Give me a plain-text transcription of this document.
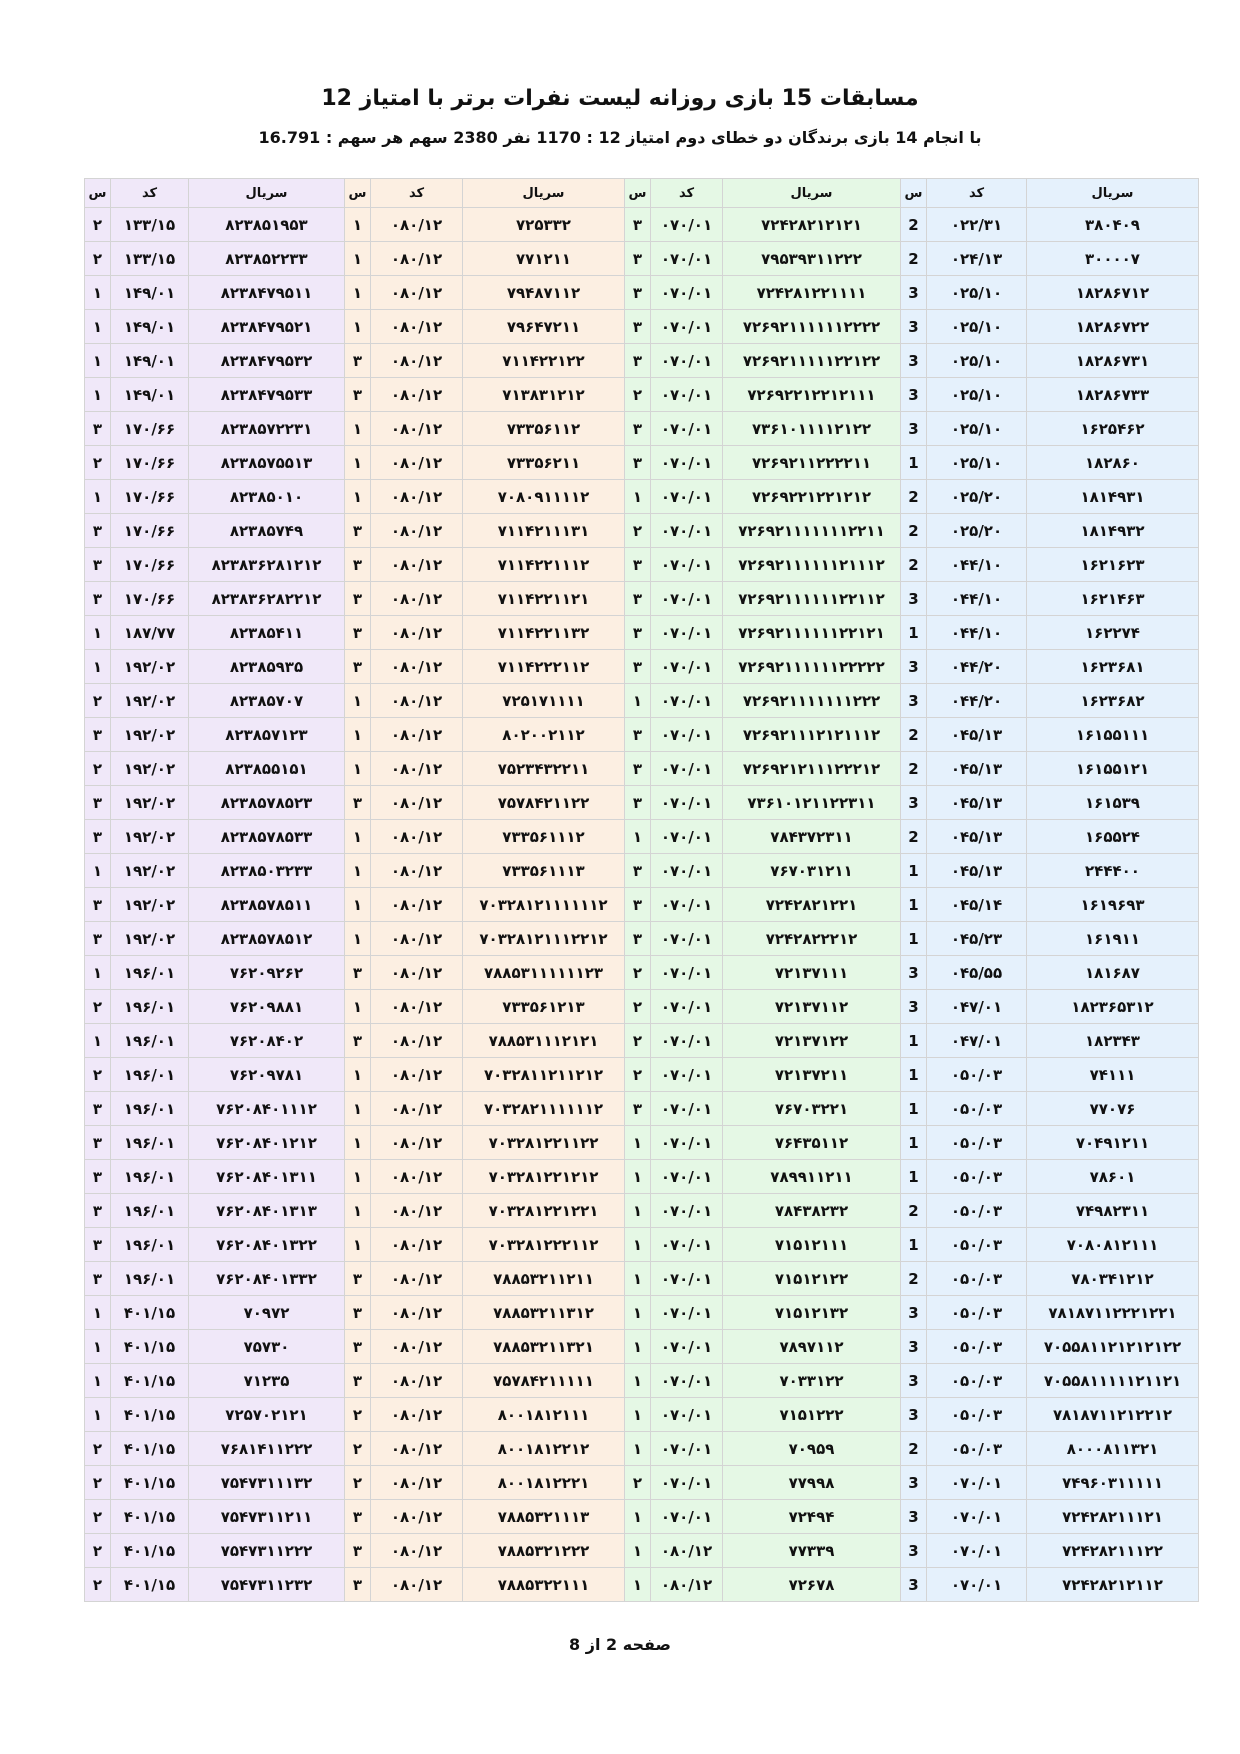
مسابقات 15 بازی روزانه لیست نفرات برتر با امتیاز 12
با انجام 14 بازی برندگان دو خطای دوم امتیاز 12 : 1170 نفر 2380 سهم هر سهم : 16.791
سریال	کد	س	سریال	کد	س	سریال	کد	س	سریال	کد	س
۳۸۰۴۰۹	۰۲۲/۳۱	2	۷۲۴۲۸۲۱۲۱۲۱	۰۷۰/۰۱	۳	۷۲۵۳۳۲	۰۸۰/۱۲	۱	۸۲۳۸۵۱۹۵۳	۱۳۳/۱۵	۲
۳۰۰۰۰۷	۰۲۴/۱۳	2	۷۹۵۳۹۳۱۱۲۲۲	۰۷۰/۰۱	۳	۷۷۱۲۱۱	۰۸۰/۱۲	۱	۸۲۳۸۵۲۲۳۳	۱۳۳/۱۵	۲
۱۸۲۸۶۷۱۲	۰۲۵/۱۰	3	۷۲۴۲۸۱۲۲۱۱۱۱	۰۷۰/۰۱	۳	۷۹۴۸۷۱۱۲	۰۸۰/۱۲	۱	۸۲۳۸۴۷۹۵۱۱	۱۴۹/۰۱	۱
۱۸۲۸۶۷۲۲	۰۲۵/۱۰	3	۷۲۶۹۲۱۱۱۱۱۱۲۲۲۲	۰۷۰/۰۱	۳	۷۹۶۴۷۲۱۱	۰۸۰/۱۲	۱	۸۲۳۸۴۷۹۵۲۱	۱۴۹/۰۱	۱
۱۸۲۸۶۷۳۱	۰۲۵/۱۰	3	۷۲۶۹۲۱۱۱۱۱۲۲۱۲۲	۰۷۰/۰۱	۳	۷۱۱۴۲۲۱۲۲	۰۸۰/۱۲	۳	۸۲۳۸۴۷۹۵۳۲	۱۴۹/۰۱	۱
۱۸۲۸۶۷۳۳	۰۲۵/۱۰	3	۷۲۶۹۲۲۱۲۲۱۲۱۱۱	۰۷۰/۰۱	۲	۷۱۳۸۳۱۲۱۲	۰۸۰/۱۲	۳	۸۲۳۸۴۷۹۵۳۳	۱۴۹/۰۱	۱
۱۶۲۵۴۶۲	۰۲۵/۱۰	3	۷۳۶۱۰۱۱۱۱۲۱۲۲	۰۷۰/۰۱	۳	۷۳۳۵۶۱۱۲	۰۸۰/۱۲	۱	۸۲۳۸۵۷۲۲۳۱	۱۷۰/۶۶	۳
۱۸۲۸۶۰	۰۲۵/۱۰	1	۷۲۶۹۲۱۱۲۲۲۲۱۱	۰۷۰/۰۱	۳	۷۳۳۵۶۲۱۱	۰۸۰/۱۲	۱	۸۲۳۸۵۷۵۵۱۳	۱۷۰/۶۶	۲
۱۸۱۴۹۳۱	۰۲۵/۲۰	2	۷۲۶۹۲۲۱۲۲۱۲۱۲	۰۷۰/۰۱	۱	۷۰۸۰۹۱۱۱۱۲	۰۸۰/۱۲	۱	۸۲۳۸۵۰۱۰	۱۷۰/۶۶	۱
۱۸۱۴۹۳۲	۰۲۵/۲۰	2	۷۲۶۹۲۱۱۱۱۱۱۱۲۲۱۱	۰۷۰/۰۱	۲	۷۱۱۴۲۱۱۱۳۱	۰۸۰/۱۲	۳	۸۲۳۸۵۷۴۹	۱۷۰/۶۶	۳
۱۶۲۱۶۲۳	۰۴۴/۱۰	2	۷۲۶۹۲۱۱۱۱۱۱۲۱۱۱۲	۰۷۰/۰۱	۳	۷۱۱۴۲۲۱۱۱۲	۰۸۰/۱۲	۳	۸۲۳۸۳۶۲۸۱۲۱۲	۱۷۰/۶۶	۳
۱۶۲۱۴۶۳	۰۴۴/۱۰	3	۷۲۶۹۲۱۱۱۱۱۱۲۲۱۱۲	۰۷۰/۰۱	۳	۷۱۱۴۲۲۱۱۲۱	۰۸۰/۱۲	۳	۸۲۳۸۳۶۲۸۲۲۱۲	۱۷۰/۶۶	۳
۱۶۲۲۷۴	۰۴۴/۱۰	1	۷۲۶۹۲۱۱۱۱۱۱۲۲۱۲۱	۰۷۰/۰۱	۳	۷۱۱۴۲۲۱۱۳۲	۰۸۰/۱۲	۳	۸۲۳۸۵۴۱۱	۱۸۷/۷۷	۱
۱۶۲۳۶۸۱	۰۴۴/۲۰	3	۷۲۶۹۲۱۱۱۱۱۱۲۲۲۲۲	۰۷۰/۰۱	۳	۷۱۱۴۲۲۲۱۱۲	۰۸۰/۱۲	۳	۸۲۳۸۵۹۳۵	۱۹۲/۰۲	۱
۱۶۲۳۶۸۲	۰۴۴/۲۰	3	۷۲۶۹۲۱۱۱۱۱۱۱۲۲۲	۰۷۰/۰۱	۱	۷۲۵۱۷۱۱۱۱	۰۸۰/۱۲	۱	۸۲۳۸۵۷۰۷	۱۹۲/۰۲	۲
۱۶۱۵۵۱۱۱	۰۴۵/۱۳	2	۷۲۶۹۲۱۱۱۲۱۲۱۱۱۲	۰۷۰/۰۱	۳	۸۰۲۰۰۲۱۱۲	۰۸۰/۱۲	۱	۸۲۳۸۵۷۱۲۳	۱۹۲/۰۲	۳
۱۶۱۵۵۱۲۱	۰۴۵/۱۳	2	۷۲۶۹۲۱۲۱۱۱۲۲۲۱۲	۰۷۰/۰۱	۳	۷۵۲۳۴۳۲۲۱۱	۰۸۰/۱۲	۱	۸۲۳۸۵۵۱۵۱	۱۹۲/۰۲	۲
۱۶۱۵۳۹	۰۴۵/۱۳	3	۷۳۶۱۰۱۲۱۱۲۲۳۱۱	۰۷۰/۰۱	۳	۷۵۷۸۴۲۱۱۲۲	۰۸۰/۱۲	۳	۸۲۳۸۵۷۸۵۲۳	۱۹۲/۰۲	۳
۱۶۵۵۲۴	۰۴۵/۱۳	2	۷۸۴۳۷۲۳۱۱	۰۷۰/۰۱	۱	۷۳۳۵۶۱۱۱۲	۰۸۰/۱۲	۱	۸۲۳۸۵۷۸۵۳۳	۱۹۲/۰۲	۳
۲۴۴۴۰۰	۰۴۵/۱۳	1	۷۶۷۰۳۱۲۱۱	۰۷۰/۰۱	۳	۷۳۳۵۶۱۱۱۳	۰۸۰/۱۲	۱	۸۲۳۸۵۰۳۲۳۳	۱۹۲/۰۲	۱
۱۶۱۹۶۹۳	۰۴۵/۱۴	1	۷۲۴۲۸۲۱۲۲۱	۰۷۰/۰۱	۳	۷۰۳۲۸۱۲۱۱۱۱۱۱۲	۰۸۰/۱۲	۱	۸۲۳۸۵۷۸۵۱۱	۱۹۲/۰۲	۳
۱۶۱۹۱۱	۰۴۵/۲۳	1	۷۲۴۲۸۲۲۲۱۲	۰۷۰/۰۱	۳	۷۰۳۲۸۱۲۱۱۱۲۲۱۲	۰۸۰/۱۲	۱	۸۲۳۸۵۷۸۵۱۲	۱۹۲/۰۲	۳
۱۸۱۶۸۷	۰۴۵/۵۵	3	۷۲۱۳۷۱۱۱	۰۷۰/۰۱	۲	۷۸۸۵۳۱۱۱۱۱۱۲۳	۰۸۰/۱۲	۳	۷۶۲۰۹۲۶۲	۱۹۶/۰۱	۱
۱۸۲۳۶۵۳۱۲	۰۴۷/۰۱	3	۷۲۱۳۷۱۱۲	۰۷۰/۰۱	۲	۷۳۳۵۶۱۲۱۳	۰۸۰/۱۲	۱	۷۶۲۰۹۸۸۱	۱۹۶/۰۱	۲
۱۸۲۳۴۳	۰۴۷/۰۱	1	۷۲۱۳۷۱۲۲	۰۷۰/۰۱	۲	۷۸۸۵۳۱۱۱۲۱۲۱	۰۸۰/۱۲	۳	۷۶۲۰۸۴۰۲	۱۹۶/۰۱	۱
۷۴۱۱۱	۰۵۰/۰۳	1	۷۲۱۳۷۲۱۱	۰۷۰/۰۱	۲	۷۰۳۲۸۱۱۲۱۱۲۱۲	۰۸۰/۱۲	۱	۷۶۲۰۹۷۸۱	۱۹۶/۰۱	۲
۷۷۰۷۶	۰۵۰/۰۳	1	۷۶۷۰۳۲۲۱	۰۷۰/۰۱	۳	۷۰۳۲۸۲۱۱۱۱۱۱۲	۰۸۰/۱۲	۱	۷۶۲۰۸۴۰۱۱۱۲	۱۹۶/۰۱	۳
۷۰۴۹۱۲۱۱	۰۵۰/۰۳	1	۷۶۴۳۵۱۱۲	۰۷۰/۰۱	۱	۷۰۳۲۸۱۲۲۱۱۲۲	۰۸۰/۱۲	۱	۷۶۲۰۸۴۰۱۲۱۲	۱۹۶/۰۱	۳
۷۸۶۰۱	۰۵۰/۰۳	1	۷۸۹۹۱۱۲۱۱	۰۷۰/۰۱	۱	۷۰۳۲۸۱۲۲۱۲۱۲	۰۸۰/۱۲	۱	۷۶۲۰۸۴۰۱۳۱۱	۱۹۶/۰۱	۳
۷۴۹۸۲۳۱۱	۰۵۰/۰۳	2	۷۸۴۳۸۲۳۲	۰۷۰/۰۱	۱	۷۰۳۲۸۱۲۲۱۲۲۱	۰۸۰/۱۲	۱	۷۶۲۰۸۴۰۱۳۱۳	۱۹۶/۰۱	۳
۷۰۸۰۸۱۲۱۱۱	۰۵۰/۰۳	1	۷۱۵۱۲۱۱۱	۰۷۰/۰۱	۱	۷۰۳۲۸۱۲۲۲۱۱۲	۰۸۰/۱۲	۱	۷۶۲۰۸۴۰۱۳۲۲	۱۹۶/۰۱	۳
۷۸۰۳۴۱۲۱۲	۰۵۰/۰۳	2	۷۱۵۱۲۱۲۲	۰۷۰/۰۱	۱	۷۸۸۵۳۲۱۱۲۱۱	۰۸۰/۱۲	۳	۷۶۲۰۸۴۰۱۳۳۲	۱۹۶/۰۱	۳
۷۸۱۸۷۱۱۲۲۲۱۲۲۱	۰۵۰/۰۳	3	۷۱۵۱۲۱۳۲	۰۷۰/۰۱	۱	۷۸۸۵۳۲۱۱۳۱۲	۰۸۰/۱۲	۳	۷۰۹۷۲	۴۰۱/۱۵	۱
۷۰۵۵۸۱۱۲۱۲۱۲۱۲۲	۰۵۰/۰۳	3	۷۸۹۷۱۱۲	۰۷۰/۰۱	۱	۷۸۸۵۳۲۱۱۳۲۱	۰۸۰/۱۲	۳	۷۵۷۳۰	۴۰۱/۱۵	۱
۷۰۵۵۸۱۱۱۱۱۲۱۱۲۱	۰۵۰/۰۳	3	۷۰۳۳۱۲۲	۰۷۰/۰۱	۱	۷۵۷۸۴۲۱۱۱۱۱	۰۸۰/۱۲	۳	۷۱۲۳۵	۴۰۱/۱۵	۱
۷۸۱۸۷۱۱۲۱۲۲۱۲	۰۵۰/۰۳	3	۷۱۵۱۲۲۲	۰۷۰/۰۱	۱	۸۰۰۱۸۱۲۱۱۱	۰۸۰/۱۲	۲	۷۲۵۷۰۲۱۲۱	۴۰۱/۱۵	۱
۸۰۰۰۸۱۱۳۲۱	۰۵۰/۰۳	2	۷۰۹۵۹	۰۷۰/۰۱	۱	۸۰۰۱۸۱۲۲۱۲	۰۸۰/۱۲	۲	۷۶۸۱۴۱۱۲۲۲	۴۰۱/۱۵	۲
۷۴۹۶۰۳۱۱۱۱۱	۰۷۰/۰۱	3	۷۷۹۹۸	۰۷۰/۰۱	۲	۸۰۰۱۸۱۲۲۲۱	۰۸۰/۱۲	۲	۷۵۴۷۳۱۱۱۳۲	۴۰۱/۱۵	۲
۷۲۴۲۸۲۱۱۱۲۱	۰۷۰/۰۱	3	۷۲۴۹۴	۰۷۰/۰۱	۱	۷۸۸۵۳۲۱۱۱۳	۰۸۰/۱۲	۳	۷۵۴۷۳۱۱۲۱۱	۴۰۱/۱۵	۲
۷۲۴۲۸۲۱۱۱۲۲	۰۷۰/۰۱	3	۷۷۳۳۹	۰۸۰/۱۲	۱	۷۸۸۵۳۲۱۲۲۲	۰۸۰/۱۲	۳	۷۵۴۷۳۱۱۲۲۲	۴۰۱/۱۵	۲
۷۲۴۲۸۲۱۲۱۱۲	۰۷۰/۰۱	3	۷۲۶۷۸	۰۸۰/۱۲	۱	۷۸۸۵۳۲۲۱۱۱	۰۸۰/۱۲	۳	۷۵۴۷۳۱۱۲۳۲	۴۰۱/۱۵	۲
صفحه 2 از 8
